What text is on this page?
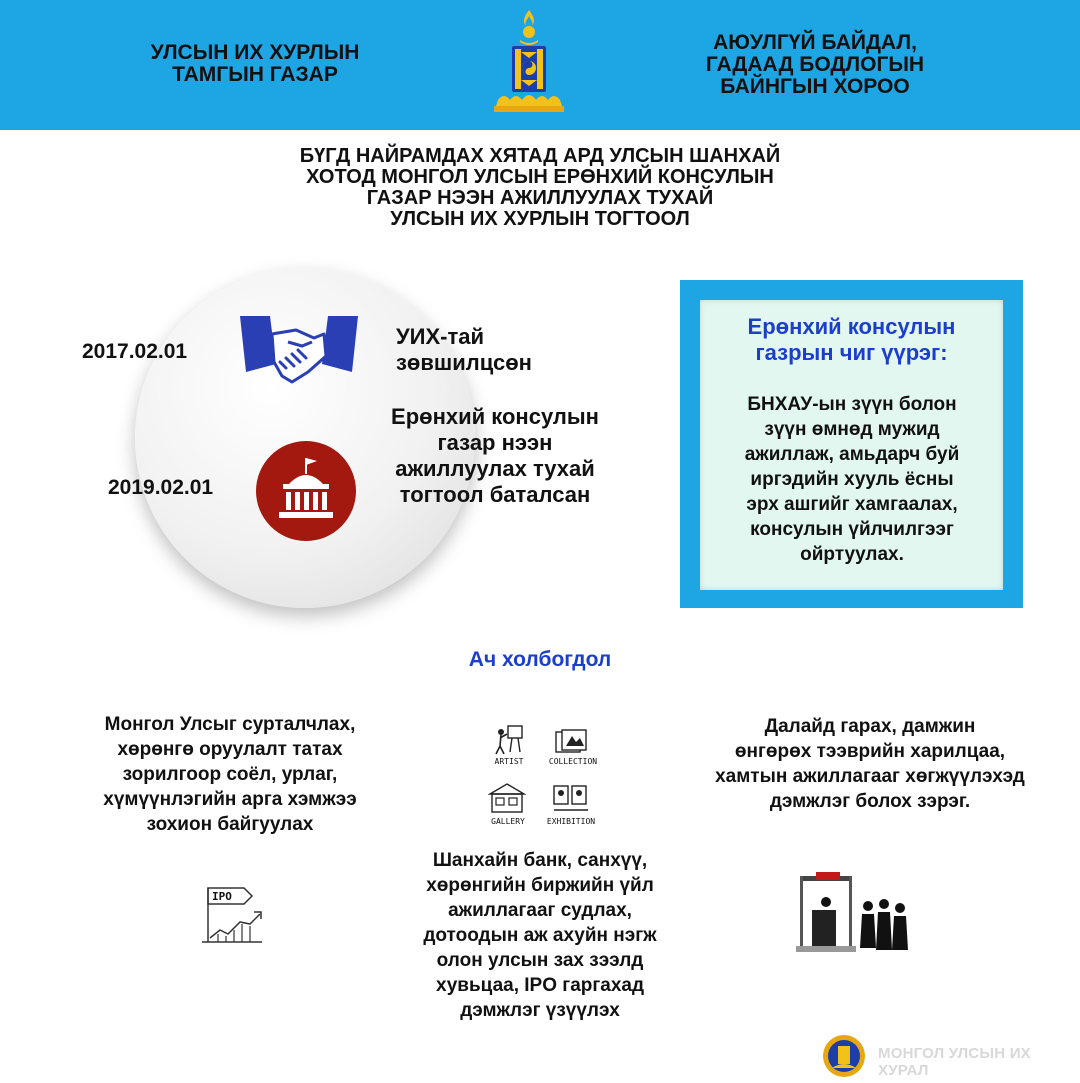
УЛСЫН ИХ ХУРЛЫН
ТАМГЫН ГАЗАР
АЮУЛГҮЙ БАЙДАЛ,
ГАДААД БОДЛОГЫН
БАЙНГЫН ХОРОО
БҮГД НАЙРАМДАХ ХЯТАД АРД УЛСЫН ШАНХАЙ
ХОТОД МОНГОЛ УЛСЫН ЕРӨНХИЙ КОНСУЛЫН
ГАЗАР НЭЭН АЖИЛЛУУЛАХ ТУХАЙ
УЛСЫН ИХ ХУРЛЫН ТОГТООЛ
2017.02.01
УИХ-тай
зөвшилцсөн
2019.02.01
Ерөнхий консулын
газар нээн
ажиллуулах тухай
тогтоол баталсан
Ерөнхий консулын
газрын чиг үүрэг:
БНХАУ-ын зүүн болон
зүүн өмнөд мужид
ажиллаж, амьдарч буй
иргэдийн хууль ёсны
эрх ашгийг хамгаалах,
консулын үйлчилгээг
ойртуулах.
Ач холбогдол
Монгол Улсыг сурталчлах,
хөрөнгө оруулалт татах
зорилгоор соёл, урлаг,
хүмүүнлэгийн арга хэмжээ
зохион байгуулах
ARTIST	COLLECTION
GALLERY	EXHIBITION
Шанхайн банк, санхүү,
хөрөнгийн биржийн үйл
ажиллагааг судлах,
дотоодын аж ахуйн нэгж
олон улсын зах зээлд
хувьцаа, IPO гаргахад
дэмжлэг үзүүлэх
Далайд гарах, дамжин
өнгөрөх тээврийн харилцаа,
хамтын ажиллагааг хөгжүүлэхэд
дэмжлэг болох зэрэг.
IPO
МОНГОЛ УЛСЫН ИХ ХУРАЛ
